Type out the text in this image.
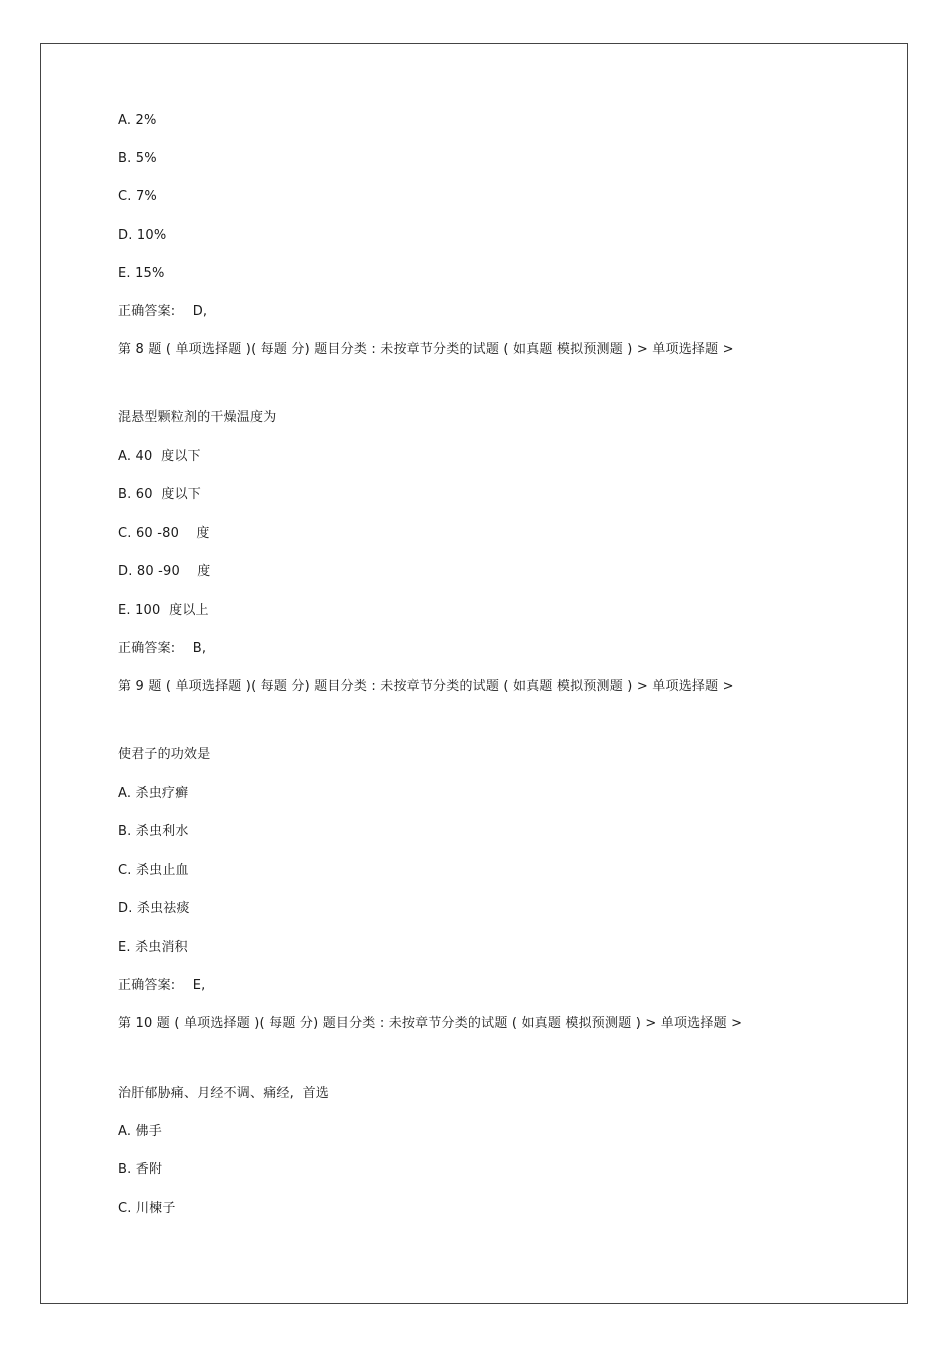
A. 2%
B. 5%
C. 7%
D. 10%
E. 15%
正确答案:    D,
第 8 题 ( 单项选择题 )( 每题 分) 题目分类 : 未按章节分类的试题 ( 如真题 模拟预测题 ) > 单项选择题 >
混悬型颗粒剂的干燥温度为
A. 40  度以下
B. 60  度以下
C. 60 -80    度
D. 80 -90    度
E. 100  度以上
正确答案:    B,
第 9 题 ( 单项选择题 )( 每题 分) 题目分类 : 未按章节分类的试题 ( 如真题 模拟预测题 ) > 单项选择题 >
使君子的功效是
A. 杀虫疗癣
B. 杀虫利水
C. 杀虫止血
D. 杀虫祛痰
E. 杀虫消积
正确答案:    E,
第 10 题 ( 单项选择题 )( 每题 分) 题目分类 : 未按章节分类的试题 ( 如真题 模拟预测题 ) > 单项选择题 >
治肝郁胁痛、月经不调、痛经,  首选
A. 佛手
B. 香附
C. 川楝子
